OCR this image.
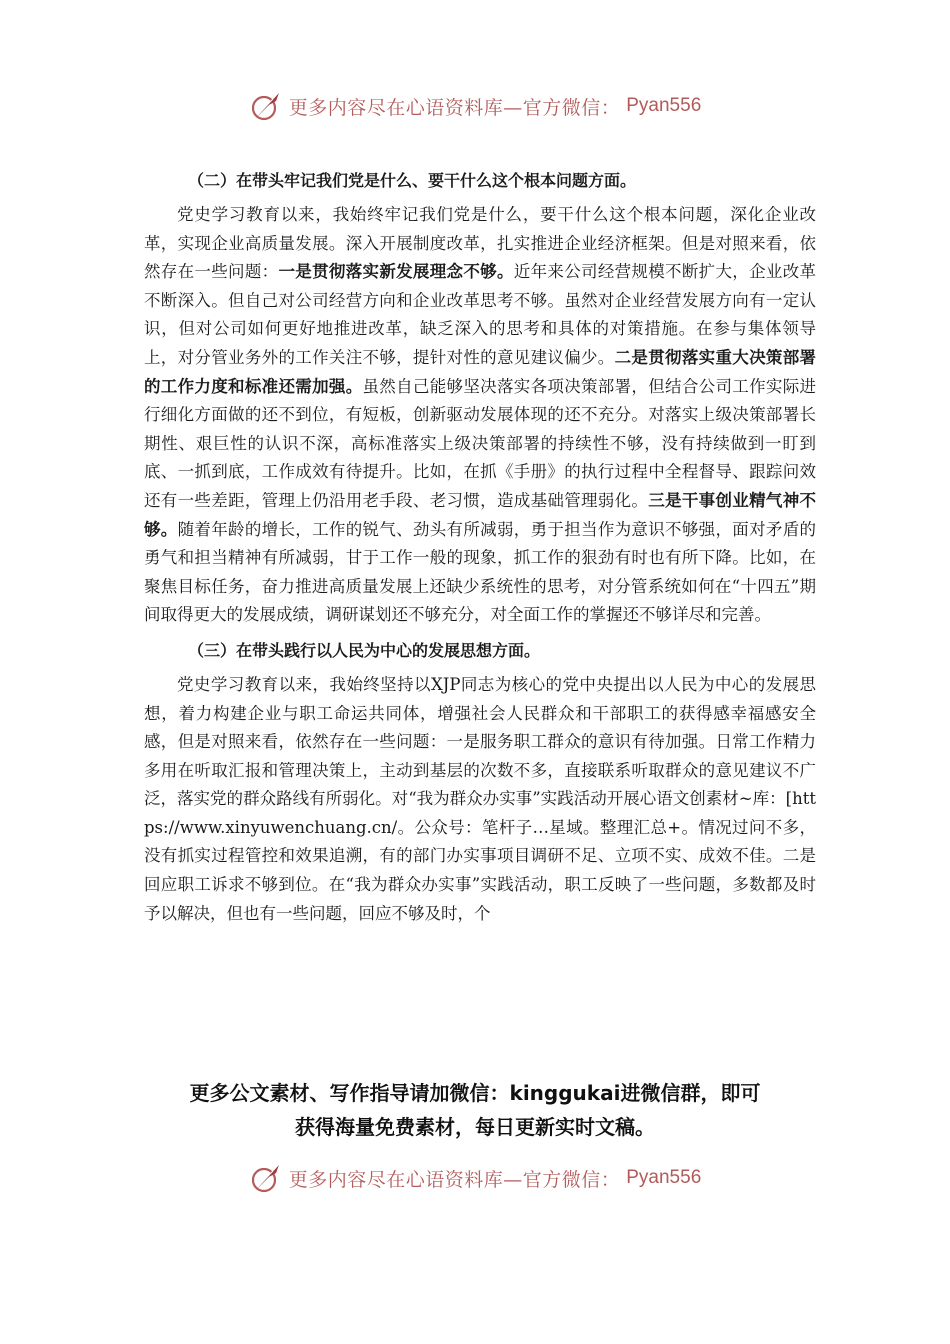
更多内容尽在心语资料库—官方微信： Pyan556
（二）在带头牢记我们党是什么、要干什么这个根本问题方面。

党史学习教育以来，我始终牢记我们党是什么，要干什么这个根本问题，深化企业改革，实现企业高质量发展。深入开展制度改革，扎实推进企业经济框架。但是对照来看，依然存在一些问题：一是贯彻落实新发展理念不够。近年来公司经营规模不断扩大，企业改革不断深入。但自己对公司经营方向和企业改革思考不够。虽然对企业经营发展方向有一定认识，但对公司如何更好地推进改革，缺乏深入的思考和具体的对策措施。在参与集体领导上，对分管业务外的工作关注不够，提针对性的意见建议偏少。二是贯彻落实重大决策部署的工作力度和标准还需加强。虽然自己能够坚决落实各项决策部署，但结合公司工作实际进行细化方面做的还不到位，有短板，创新驱动发展体现的还不充分。对落实上级决策部署长期性、艰巨性的认识不深，高标准落实上级决策部署的持续性不够，没有持续做到一盯到底、一抓到底，工作成效有待提升。比如，在抓《手册》的执行过程中全程督导、跟踪问效还有一些差距，管理上仍沿用老手段、老习惯，造成基础管理弱化。三是干事创业精气神不够。随着年龄的增长，工作的锐气、劲头有所减弱，勇于担当作为意识不够强，面对矛盾的勇气和担当精神有所减弱，甘于工作一般的现象，抓工作的狠劲有时也有所下降。比如，在聚焦目标任务，奋力推进高质量发展上还缺少系统性的思考，对分管系统如何在“十四五”期间取得更大的发展成绩，调研谋划还不够充分，对全面工作的掌握还不够详尽和完善。

（三）在带头践行以人民为中心的发展思想方面。

党史学习教育以来，我始终坚持以XJP同志为核心的党中央提出以人民为中心的发展思想，着力构建企业与职工命运共同体，增强社会人民群众和干部职工的获得感幸福感安全感，但是对照来看，依然存在一些问题：一是服务职工群众的意识有待加强。日常工作精力多用在听取汇报和管理决策上，主动到基层的次数不多，直接联系听取群众的意见建议不广泛，落实党的群众路线有所弱化。对“我为群众办实事”实践活动开展心语文创素材~库：[https://www.xinyuwenchuang.cn/。公众号：笔杆子…星域。整理汇总+。情况过问不多，没有抓实过程管控和效果追溯，有的部门办实事项目调研不足、立项不实、成效不佳。二是回应职工诉求不够到位。在“我为群众办实事”实践活动，职工反映了一些问题，多数都及时予以解决，但也有一些问题，回应不够及时，个

更多公文素材、写作指导请加微信：kinggukai进微信群，即可
获得海量免费素材，每日更新实时文稿。
更多内容尽在心语资料库—官方微信： Pyan556
